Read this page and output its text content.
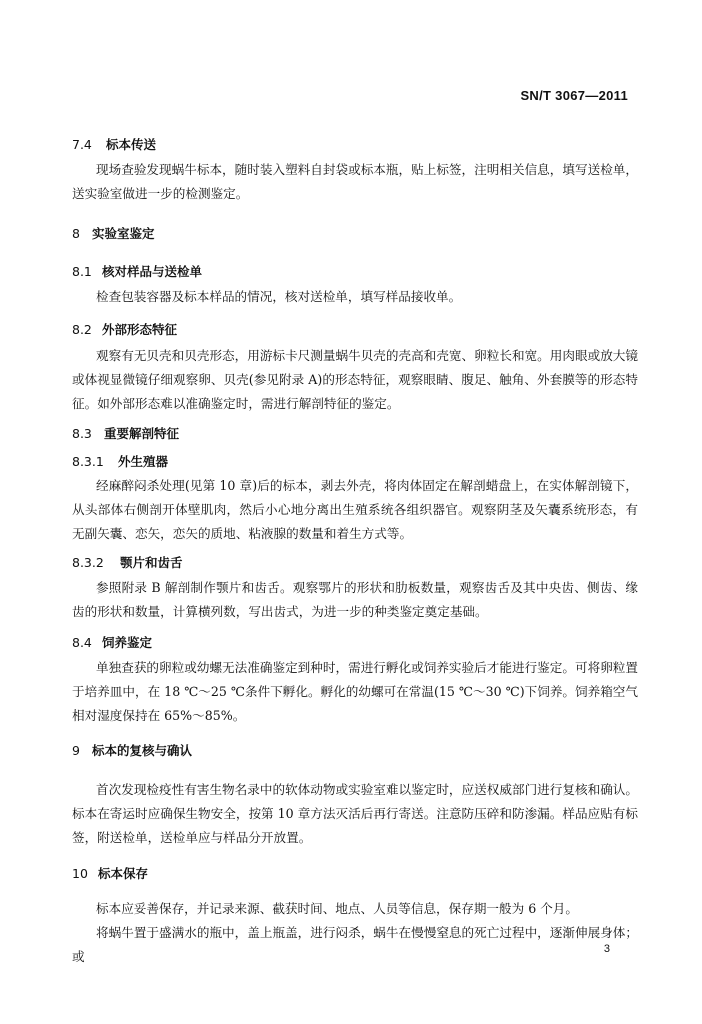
SN/T 3067—2011
7.4 标本传送

现场查验发现蜗牛标本，随时装入塑料自封袋或标本瓶，贴上标签，注明相关信息，填写送检单，送实验室做进一步的检测鉴定。

8 实验室鉴定
8.1 核对样品与送检单

检查包装容器及标本样品的情况，核对送检单，填写样品接收单。

8.2 外部形态特征

观察有无贝壳和贝壳形态，用游标卡尺测量蜗牛贝壳的壳高和壳宽、卵粒长和宽。用肉眼或放大镜或体视显微镜仔细观察卵、贝壳(参见附录 A)的形态特征，观察眼睛、腹足、触角、外套膜等的形态特征。如外部形态难以准确鉴定时，需进行解剖特征的鉴定。

8.3 重要解剖特征
8.3.1 外生殖器

经麻醉闷杀处理(见第 10 章)后的标本，剥去外壳，将肉体固定在解剖蜡盘上，在实体解剖镜下，从头部体右侧剖开体壁肌肉，然后小心地分离出生殖系统各组织器官。观察阴茎及矢囊系统形态，有无副矢囊、恋矢，恋矢的质地、粘液腺的数量和着生方式等。

8.3.2 颚片和齿舌

参照附录 B 解剖制作颚片和齿舌。观察鄂片的形状和肋板数量，观察齿舌及其中央齿、侧齿、缘齿的形状和数量，计算横列数，写出齿式，为进一步的种类鉴定奠定基础。

8.4 饲养鉴定

单独查获的卵粒或幼螺无法准确鉴定到种时，需进行孵化或饲养实验后才能进行鉴定。可将卵粒置于培养皿中，在 18 ℃～25 ℃条件下孵化。孵化的幼螺可在常温(15 ℃～30 ℃)下饲养。饲养箱空气相对湿度保持在 65%～85%。

9 标本的复核与确认

首次发现检疫性有害生物名录中的软体动物或实验室难以鉴定时，应送权威部门进行复核和确认。标本在寄运时应确保生物安全，按第 10 章方法灭活后再行寄送。注意防压碎和防渗漏。样品应贴有标签，附送检单，送检单应与样品分开放置。

10 标本保存

标本应妥善保存，并记录来源、截获时间、地点、人员等信息，保存期一般为 6 个月。

将蜗牛置于盛满水的瓶中，盖上瓶盖，进行闷杀，蜗牛在慢慢窒息的死亡过程中，逐渐伸展身体；或	3
